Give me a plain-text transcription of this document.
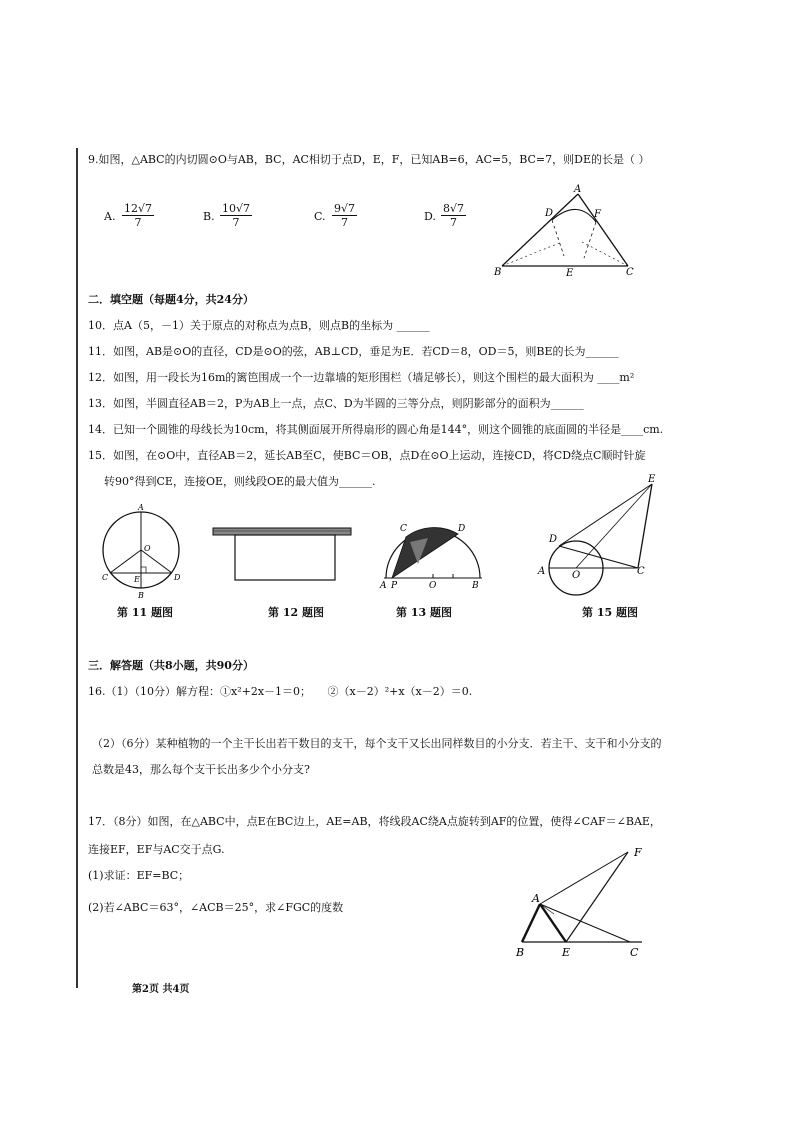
9.如图，△ABC的内切圆⊙O与AB，BC，AC相切于点D，E，F，已知AB=6，AC=5，BC=7，则DE的长是（ ）
A. $\frac{12√7}{7}$	B. $\frac{10√7}{7}$	C. $\frac{9√7}{7}$	D. $\frac{8√7}{7}$
A
D	F
B	E	C
二．填空题（每题4分，共24分）
10．点A（5，－1）关于原点的对称点为点B，则点B的坐标为 ______
11．如图，AB是⊙O的直径，CD是⊙O的弦，AB⊥CD，垂足为E．若CD＝8，OD＝5，则BE的长为______
12．如图，用一段长为16m的篱笆围成一个一边靠墙的矩形围栏（墙足够长），则这个围栏的最大面积为 ____m²
13．如图，半圆直径AB＝2，P为AB上一点，点C、D为半圆的三等分点，则阴影部分的面积为______
14．已知一个圆锥的母线长为10cm，将其侧面展开所得扇形的圆心角是144°，则这个圆锥的底面圆的半径是____cm.
15．如图，在⊙O中，直径AB＝2，延长AB至C，使BC＝OB，点D在⊙O上运动，连接CD，将CD绕点C顺时针旋
转90°得到CE，连接OE，则线段OE的最大值为______.
A
O
C	E	D
B
C	D
A P	O	B
E
D
A	O	C
第 11 题图	第 12 题图	第 13 题图	第 15 题图
三．解答题（共8小题，共90分）
16.（1）（10分）解方程：①x²+2x－1＝0；　　②（x－2）²+x（x－2）＝0.
（2）（6分）某种植物的一个主干长出若干数目的支干，每个支干又长出同样数目的小分支．若主干、支干和小分支的
总数是43，那么每个支干长出多少个小分支?
17．（8分）如图，在△ABC中，点E在BC边上，AE=AB，将线段AC绕A点旋转到AF的位置，使得∠CAF＝∠BAE，
连接EF，EF与AC交于点G.
(1)求证：EF=BC；
(2)若∠ABC＝63°，∠ACB＝25°，求∠FGC的度数
F
A
B	E	C
第2页 共4页
